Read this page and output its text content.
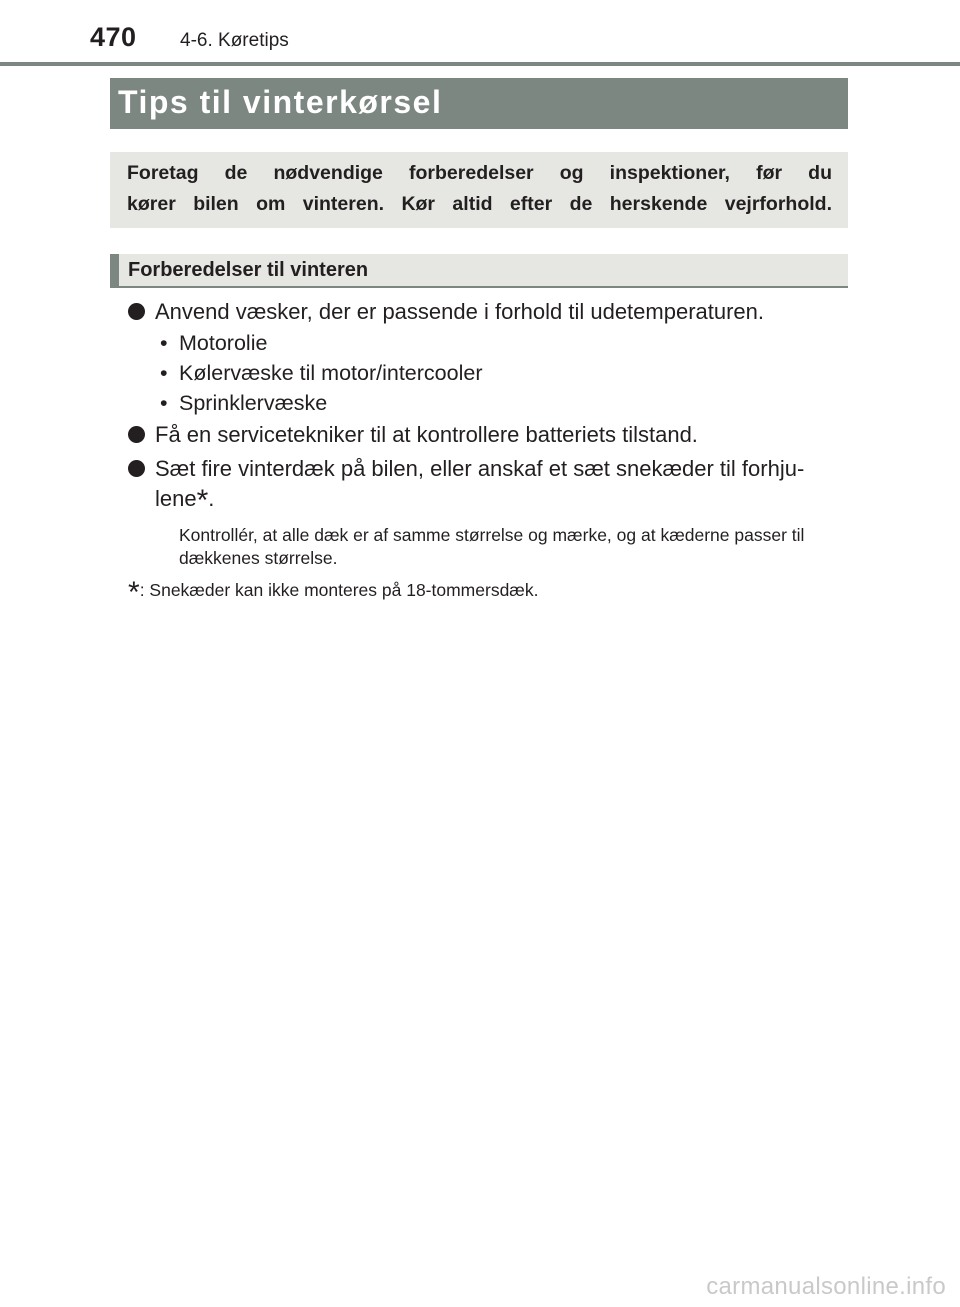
470 4-6. Køretips
Tips til vinterkørsel

Foretag de nødvendige forberedelser og inspektioner, før du
kører bilen om vinteren. Kør altid efter de herskende vejrforhold.

Forberedelser til vinteren
Anvend væsker, der er passende i forhold til udetemperaturen.
• Motorolie
• Kølervæske til motor/intercooler
• Sprinklervæske
Få en servicetekniker til at kontrollere batteriets tilstand.
Sæt fire vinterdæk på bilen, eller anskaf et sæt snekæder til forhju-
lene*.
Kontrollér, at alle dæk er af samme størrelse og mærke, og at kæderne passer til dækkenes størrelse.
*: Snekæder kan ikke monteres på 18-tommersdæk.
carmanualsonline.info
